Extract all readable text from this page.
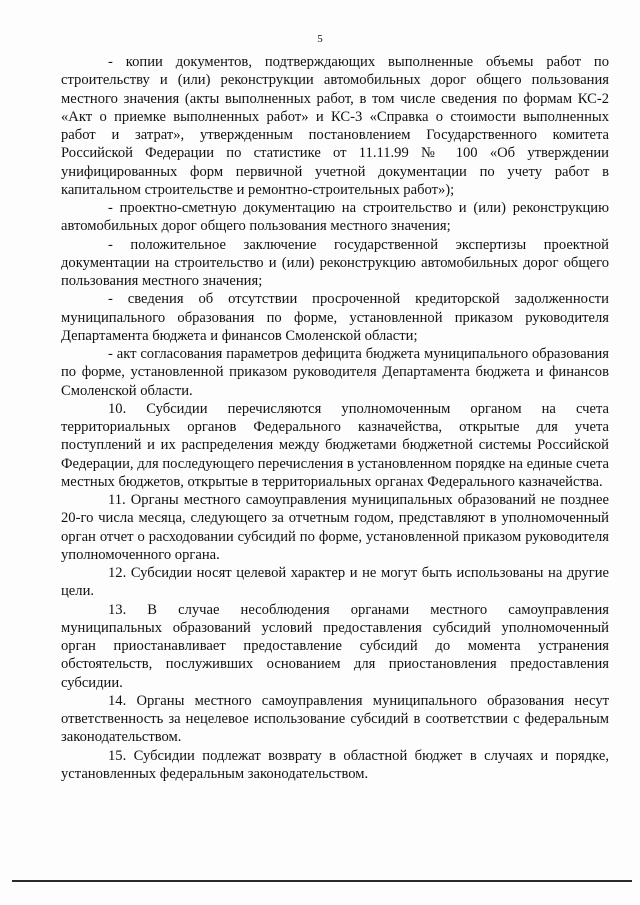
5

- копии документов, подтверждающих выполненные объемы работ по строительству и (или) реконструкции автомобильных дорог общего пользования местного значения (акты выполненных работ, в том числе сведения по формам КС-2 «Акт о приемке выполненных работ» и КС-3 «Справка о стоимости выполненных работ и затрат», утвержденным постановлением Государственного комитета Российской Федерации по статистике от 11.11.99 № 100 «Об утверждении унифицированных форм первичной учетной документации по учету работ в капитальном строительстве и ремонтно-строительных работ»);

- проектно-сметную документацию на строительство и (или) реконструкцию автомобильных дорог общего пользования местного значения;

- положительное заключение государственной экспертизы проектной документации на строительство и (или) реконструкцию автомобильных дорог общего пользования местного значения;

- сведения об отсутствии просроченной кредиторской задолженности муниципального образования по форме, установленной приказом руководителя Департамента бюджета и финансов Смоленской области;

- акт согласования параметров дефицита бюджета муниципального образования по форме, установленной приказом руководителя Департамента бюджета и финансов Смоленской области.

10. Субсидии перечисляются уполномоченным органом на счета территориальных органов Федерального казначейства, открытые для учета поступлений и их распределения между бюджетами бюджетной системы Российской Федерации, для последующего перечисления в установленном порядке на единые счета местных бюджетов, открытые в территориальных органах Федерального казначейства.

11. Органы местного самоуправления муниципальных образований не позднее 20-го числа месяца, следующего за отчетным годом, представляют в уполномоченный орган отчет о расходовании субсидий по форме, установленной приказом руководителя уполномоченного органа.

12. Субсидии носят целевой характер и не могут быть использованы на другие цели.

13. В случае несоблюдения органами местного самоуправления муниципальных образований условий предоставления субсидий уполномоченный орган приостанавливает предоставление субсидий до момента устранения обстоятельств, послуживших основанием для приостановления предоставления субсидии.

14. Органы местного самоуправления муниципального образования несут ответственность за нецелевое использование субсидий в соответствии с федеральным законодательством.

15. Субсидии подлежат возврату в областной бюджет в случаях и порядке, установленных федеральным законодательством.
